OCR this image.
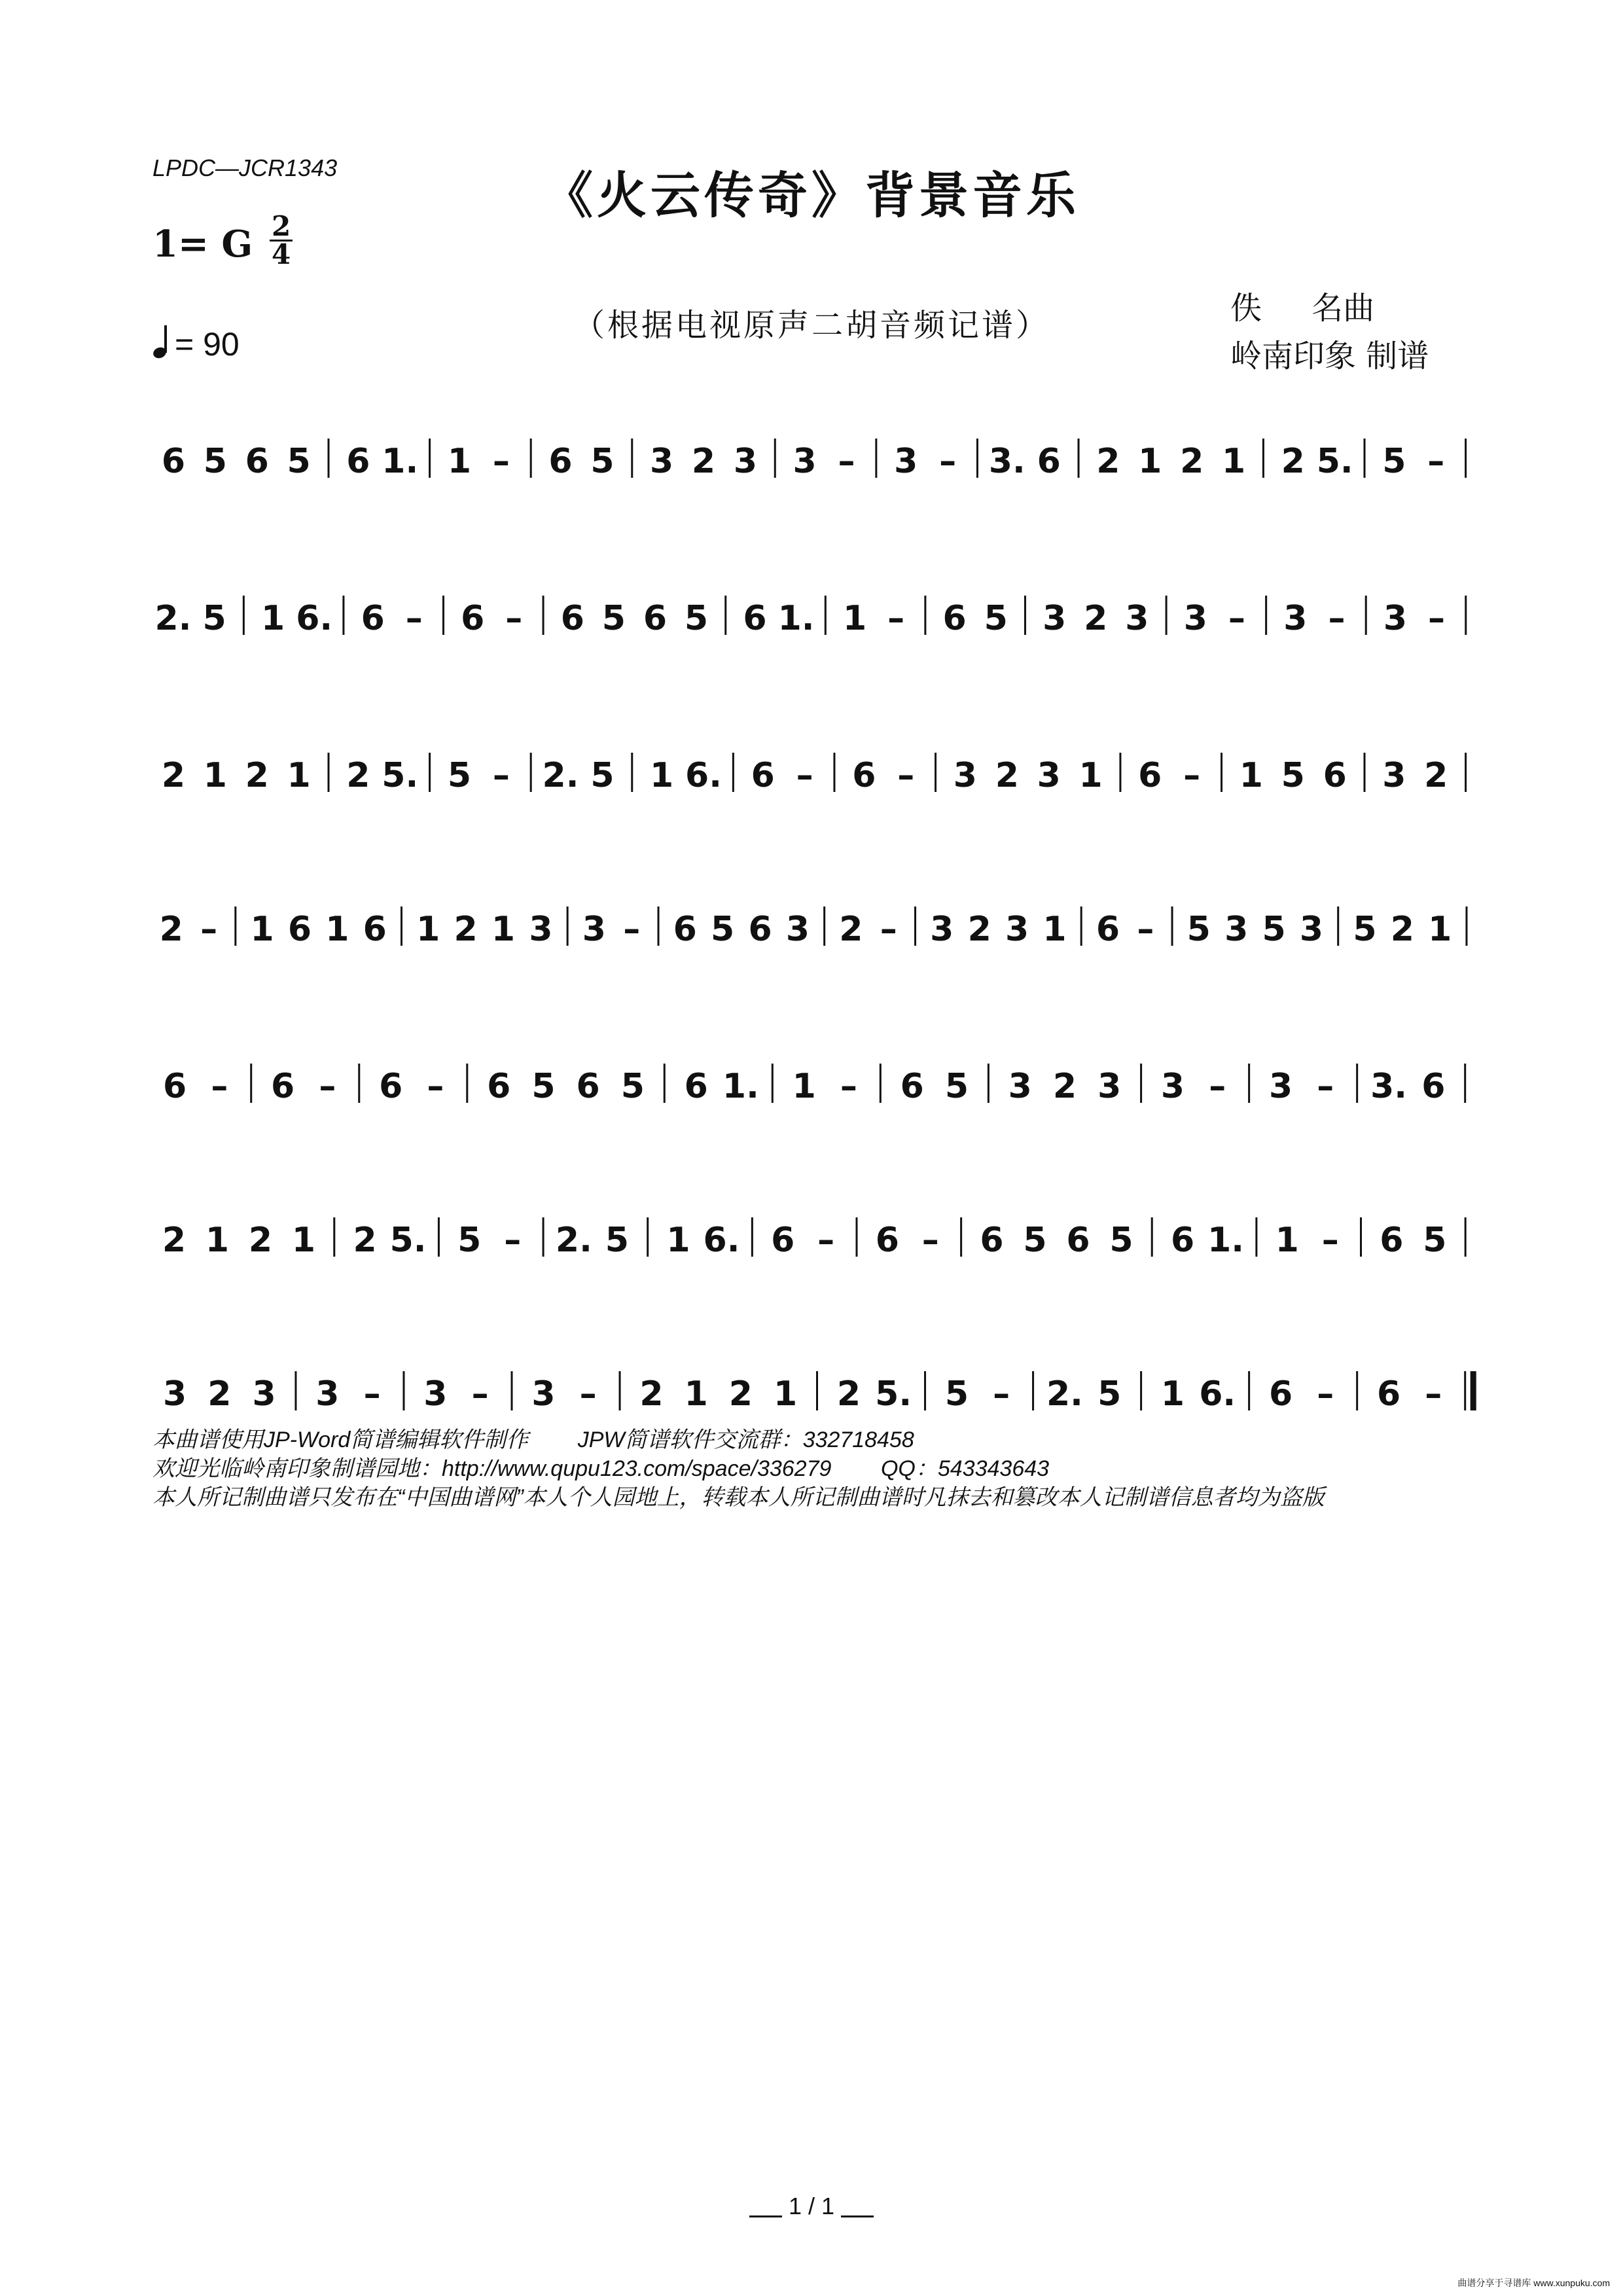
LPDC—JCR1343	《火云传奇》背景音乐
1= G $\frac{2}{4}$
= 90
（根据电视原声二胡音频记谱）	佚     名曲
岭南印象 制谱
6 5 6 5 6 1. 1 – 6 5 3 2 3 3 – 3 – 3. 6 2 1 2 1 2 5. 5 –
2. 5 1 6. 6 – 6 – 6 5 6 5 6 1. 1 – 6 5 3 2 3 3 – 3 – 3 –
2 1 2 1 2 5. 5 – 2. 5 1 6. 6 – 6 – 3 2 3 1 6 – 1 5 6 3 2
2 – 1 6 1 6 1 2 1 3 3 – 6 5 6 3 2 – 3 2 3 1 6 – 5 3 5 3 5 2 1
6 – 6 – 6 – 6 5 6 5 6 1. 1 – 6 5 3 2 3 3 – 3 – 3. 6
2 1 2 1 2 5. 5 – 2. 5 1 6. 6 – 6 – 6 5 6 5 6 1. 1 – 6 5
3 2 3 3 – 3 – 3 – 2 1 2 1 2 5. 5 – 2. 5 1 6. 6 – 6 –
本曲谱使用JP-Word简谱编辑软件制作        JPW简谱软件交流群：332718458
欢迎光临岭南印象制谱园地：http://www.qupu123.com/space/336279        QQ：543343643
本人所记制曲谱只发布在“中国曲谱网”本人个人园地上，转载本人所记制曲谱时凡抹去和篡改本人记制谱信息者均为盗版
1 / 1
曲谱分享于寻谱库 www.xunpuku.com
